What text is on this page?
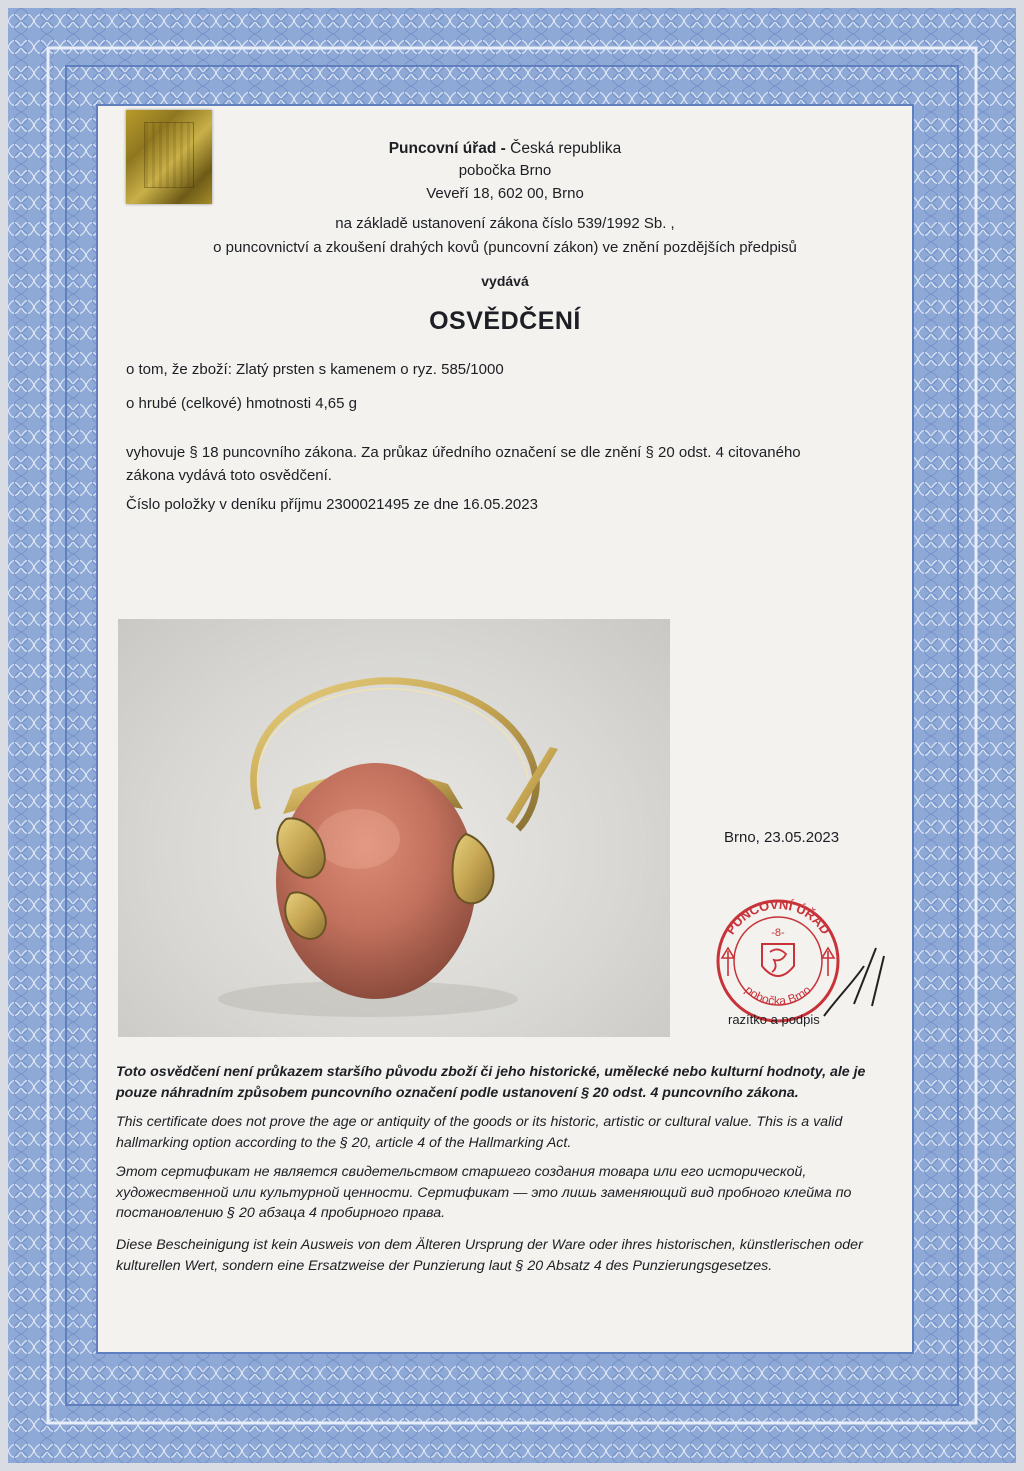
Puncovní úřad - Česká republika
pobočka Brno
Veveří 18, 602 00, Brno
na základě ustanovení zákona číslo 539/1992 Sb. ,
o puncovnictví a zkoušení drahých kovů (puncovní zákon) ve znění pozdějších předpisů
vydává
OSVĚDČENÍ
o tom, že zboží: Zlatý prsten s kamenem o ryz. 585/1000
o hrubé (celkové) hmotnosti 4,65 g
vyhovuje § 18 puncovního zákona. Za průkaz úředního označení se dle znění § 20 odst. 4 citovaného zákona vydává toto osvědčení.
Číslo položky v deníku příjmu 2300021495 ze dne 16.05.2023
Brno, 23.05.2023
PUNCOVNÍ ÚŘAD
-8-
pobočka Brno
razítko a podpis
Toto osvědčení není průkazem staršího původu zboží či jeho historické, umělecké nebo kulturní hodnoty, ale je pouze náhradním způsobem puncovního označení podle ustanovení § 20 odst. 4 puncovního zákona.
This certificate does not prove the age or antiquity of the goods or its historic, artistic or cultural value. This is a valid hallmarking option according to the § 20, article 4 of the Hallmarking Act.
Этот сертификат не является свидетельством старшего создания товара или его исторической, художественной или культурной ценности. Сертификат — это лишь заменяющий вид пробного клейма по постановлению § 20 абзаца 4 пробирного права.
Diese Bescheinigung ist kein Ausweis von dem Älteren Ursprung der Ware oder ihres historischen, künstlerischen oder kulturellen Wert, sondern eine Ersatzweise der Punzierung laut § 20 Absatz 4 des Punzierungsgesetzes.
